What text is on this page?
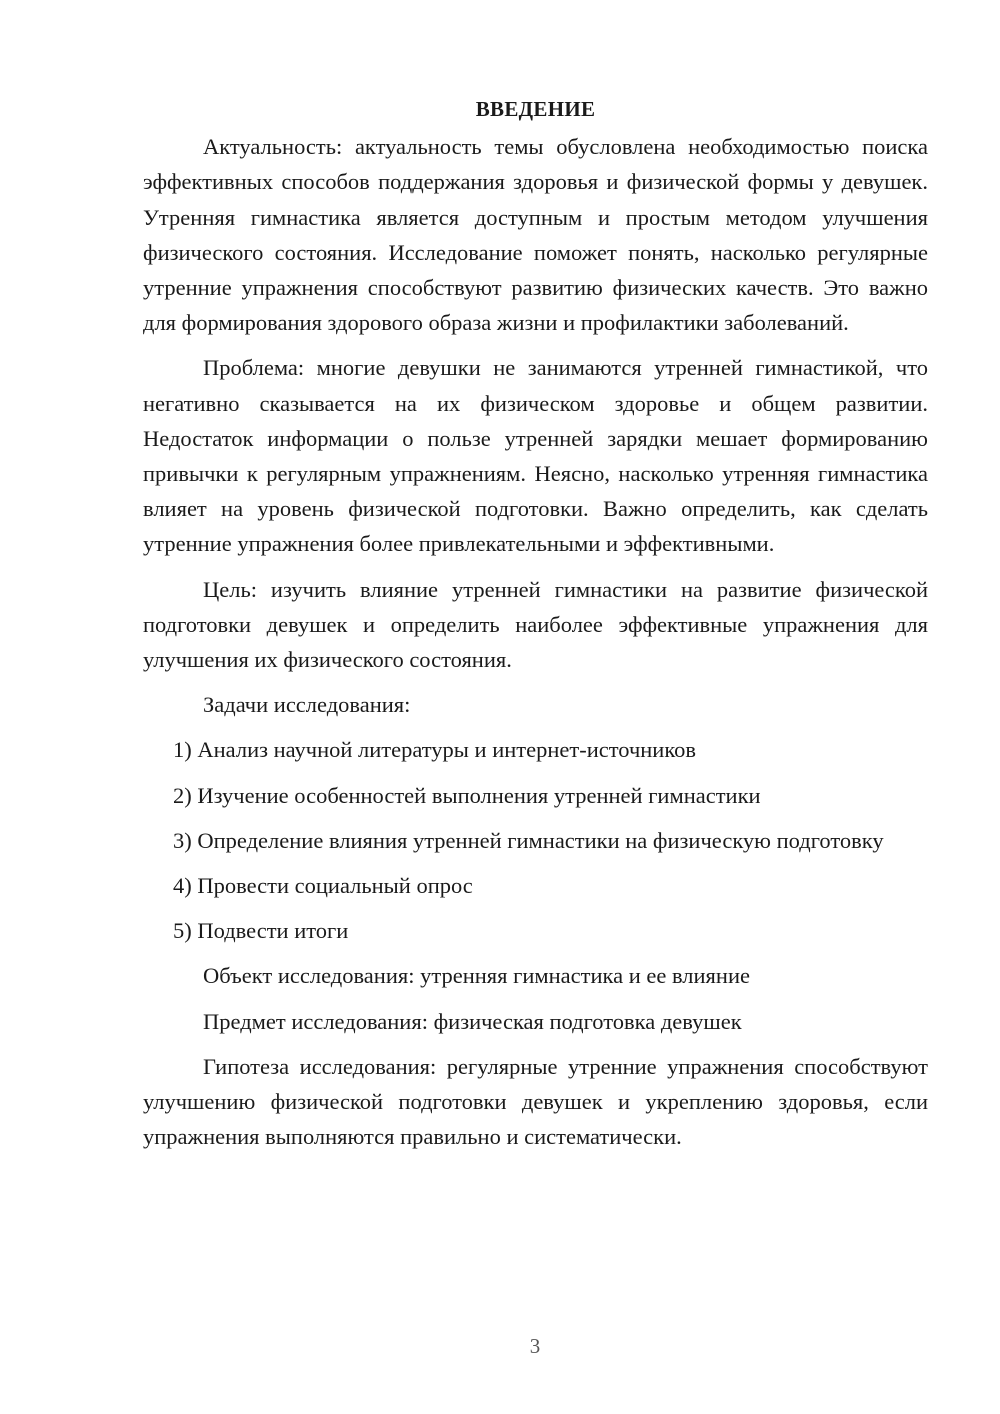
ВВЕДЕНИЕ

Актуальность: актуальность темы обусловлена необходимостью поиска эффективных способов поддержания здоровья и физической формы у девушек. Утренняя гимнастика является доступным и простым методом улучшения физического состояния. Исследование поможет понять, насколько регулярные утренние упражнения способствуют развитию физических качеств. Это важно для формирования здорового образа жизни и профилактики заболеваний.

Проблема: многие девушки не занимаются утренней гимнастикой, что негативно сказывается на их физическом здоровье и общем развитии. Недостаток информации о пользе утренней зарядки мешает формированию привычки к регулярным упражнениям. Неясно, насколько утренняя гимнастика влияет на уровень физической подготовки. Важно определить, как сделать утренние упражнения более привлекательными и эффективными.

Цель: изучить влияние утренней гимнастики на развитие физической подготовки девушек и определить наиболее эффективные упражнения для улучшения их физического состояния.

Задачи исследования:

1) Анализ научной литературы и интернет-источников

2) Изучение особенностей выполнения утренней гимнастики

3) Определение влияния утренней гимнастики на физическую подготовку

4) Провести социальный опрос

5) Подвести итоги

Объект исследования: утренняя гимнастика и ее влияние

Предмет исследования: физическая подготовка девушек

Гипотеза исследования: регулярные утренние упражнения способствуют улучшению физической подготовки девушек и укреплению здоровья, если упражнения выполняются правильно и систематически.

3
